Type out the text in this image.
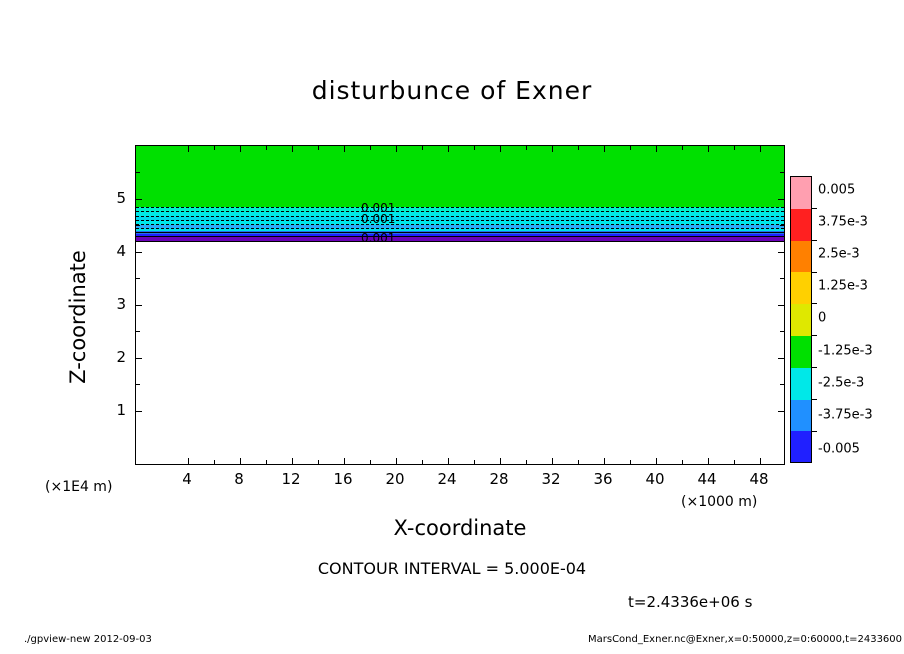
disturbunce of Exner
0.001
0.001
0.001
4	8	12 16 20 24 28 32 36 40 44 48
1
2
3
4
5
X-coordinate
Z-coordinate
(×1E4 m)
(×1000 m)
0.005
3.75e-3
2.5e-3
1.25e-3
0
-1.25e-3
-2.5e-3
-3.75e-3
-0.005
CONTOUR INTERVAL = 5.000E-04
t=2.4336e+06 s
./gpview-new 2012-09-03	MarsCond_Exner.nc@Exner,x=0:50000,z=0:60000,t=2433600
